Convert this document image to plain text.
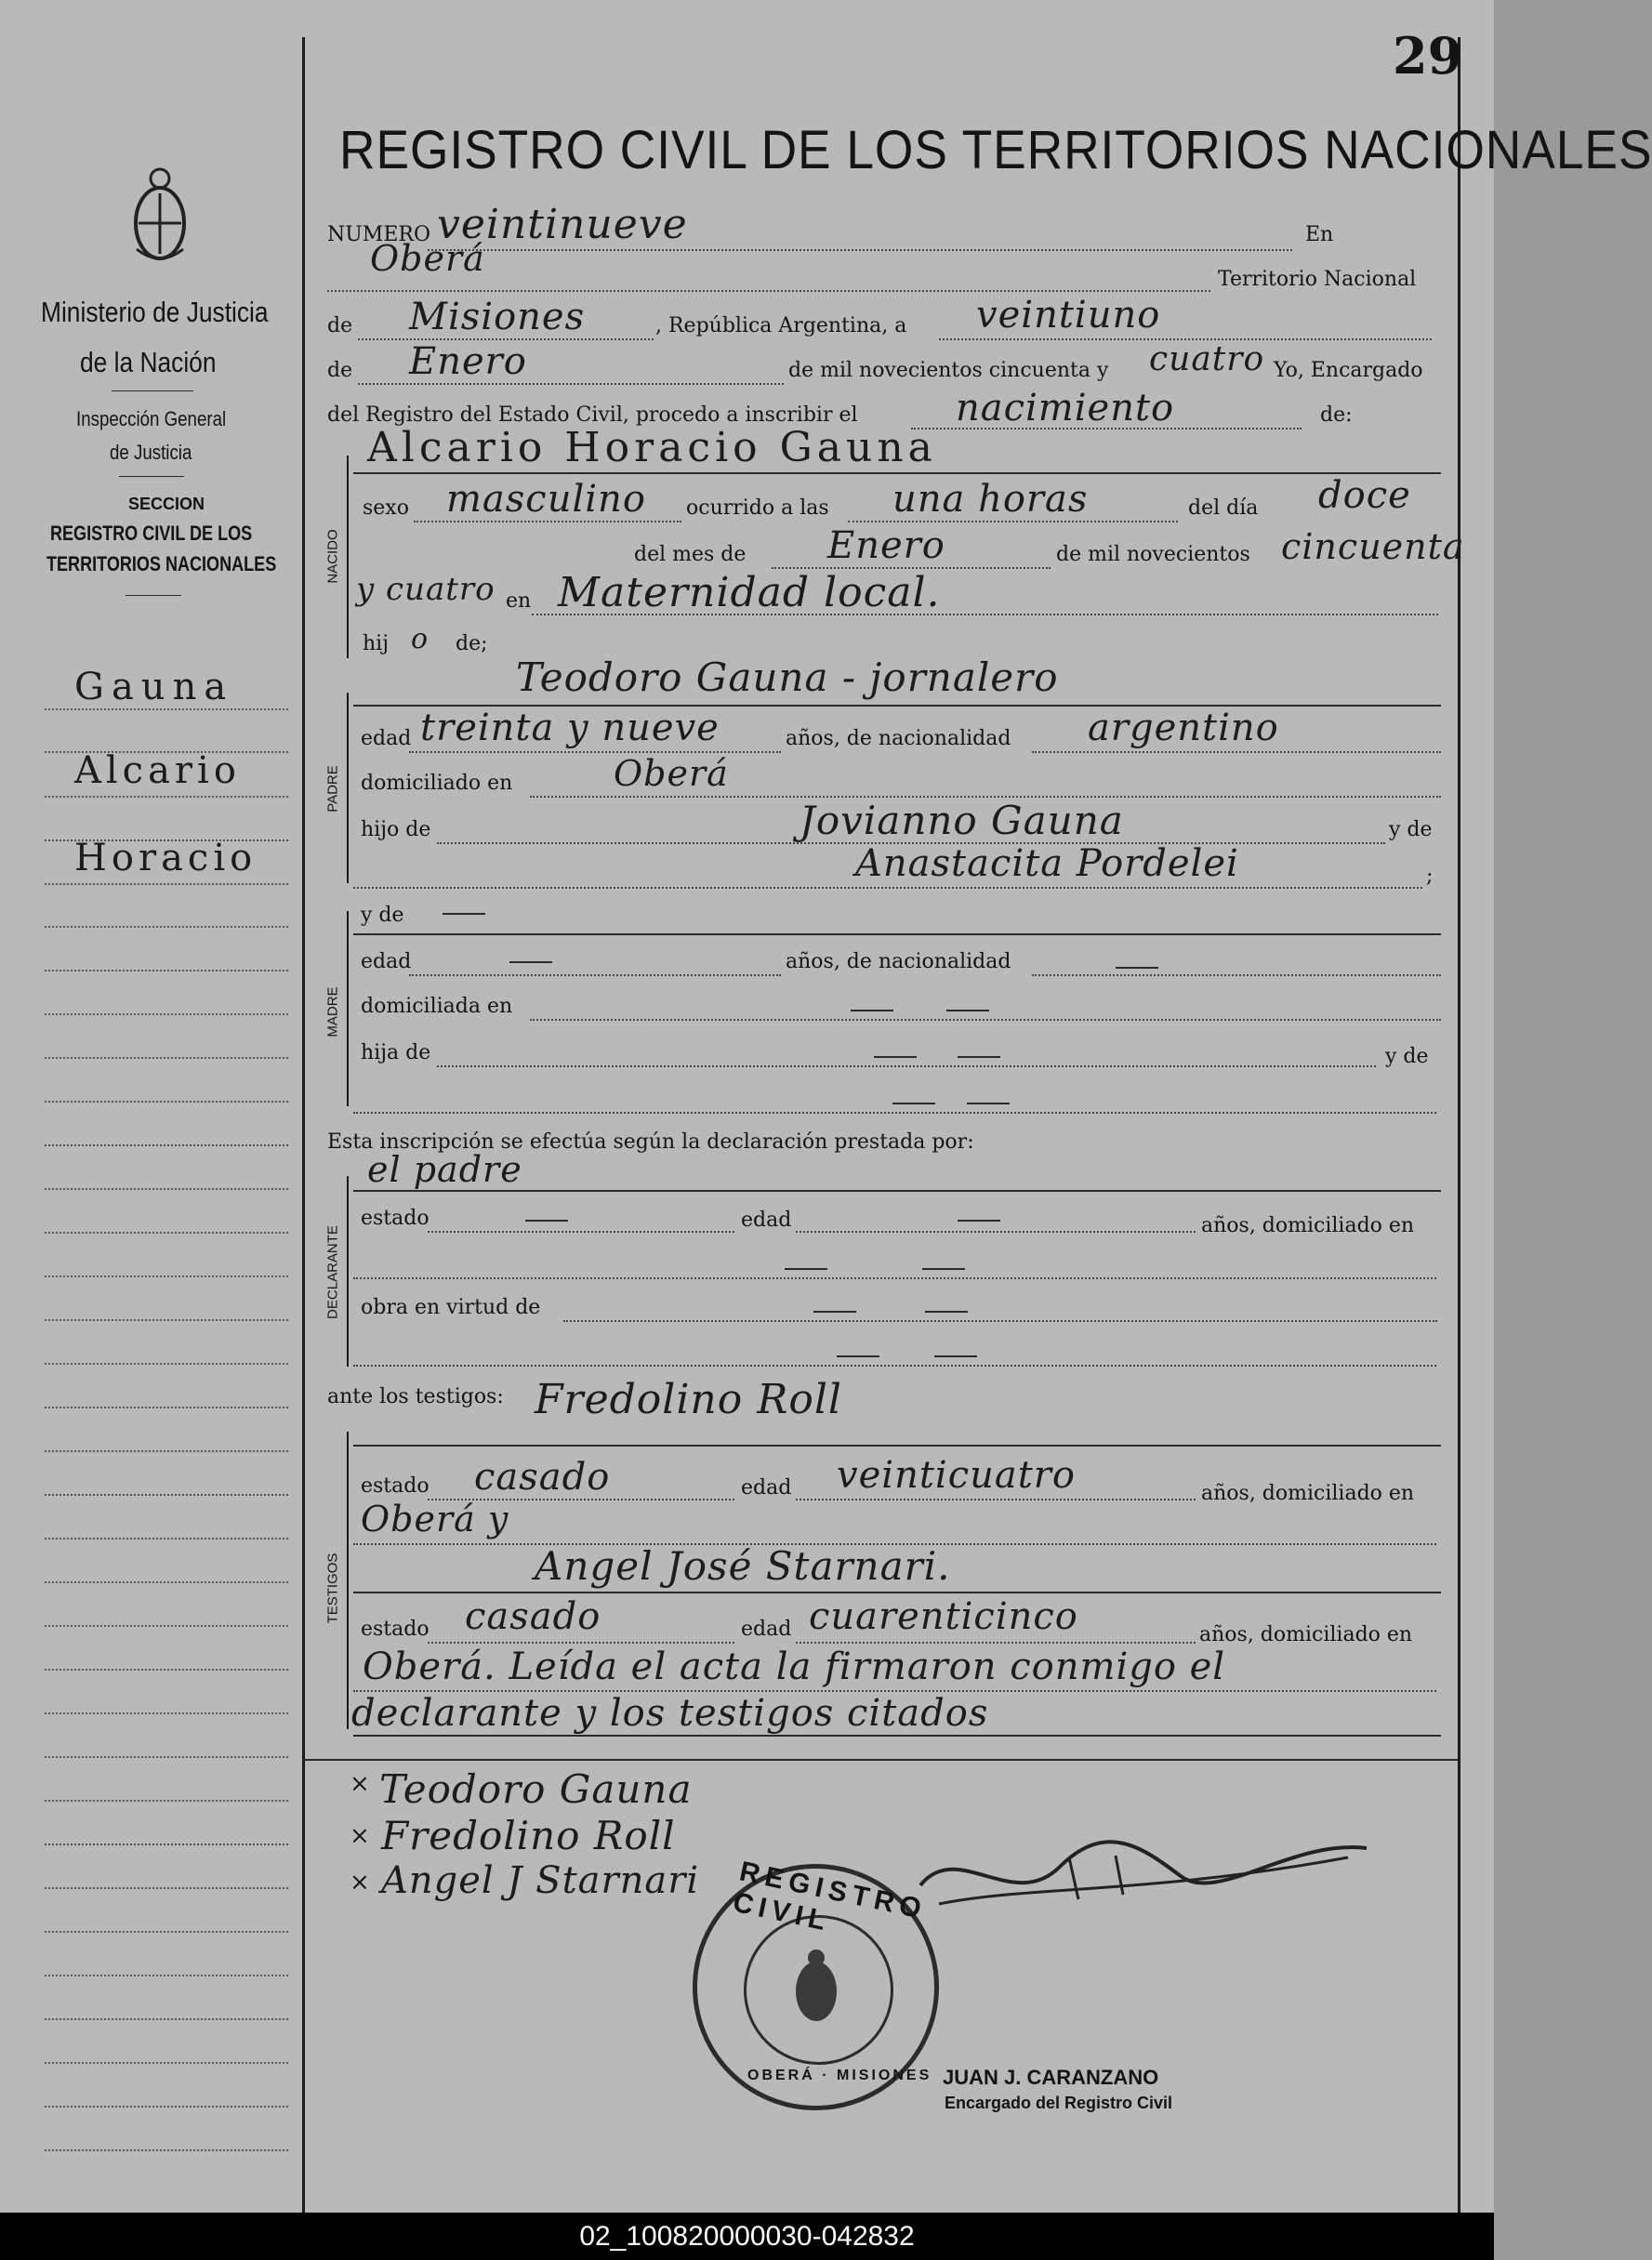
29
REGISTRO CIVIL DE LOS TERRITORIOS NACIONALES
Ministerio de Justicia
de la Nación
Inspección General
de Justicia
SECCION
REGISTRO CIVIL DE LOS
TERRITORIOS NACIONALES
Gauna
Alcario
Horacio
NUMERO veintinueve	En
Oberá
Territorio Nacional
de Misiones	, República Argentina, a veintiuno
de Enero	de mil novecientos cincuenta y cuatro Yo, Encargado
del Registro del Estado Civil, procedo a inscribir el	nacimiento	de:
NACIDO
Alcario Horacio Gauna
sexo masculino ocurrido a las una horas	del día doce
del mes de Enero	de mil novecientos cincuenta
y cuatro en Maternidad local.
hij o de;
PADRE
Teodoro Gauna - jornalero
edad treinta y nueve	años, de nacionalidad argentino
domiciliado en	Oberá
hijo de	Jovianno Gauna	y de
Anastacita Pordelei	;
MADRE
y de
edad	años, de nacionalidad
domiciliada en
hija de	y de
Esta inscripción se efectúa según la declaración prestada por:
DECLARANTE
el padre
estado	edad	años, domiciliado en
obra en virtud de
ante los testigos: Fredolino Roll
TESTIGOS
estado casado	edad veinticuatro	años, domiciliado en
Oberá y
Angel José Starnari.
estado casado	edad cuarenticinco	años, domiciliado en
Oberá. Leída el acta la firmaron conmigo el
declarante y los testigos citados
× Teodoro Gauna
× Fredolino Roll
× Angel J Starnari REGISTRO CIVIL
OBERÁ · MISIONES JUAN J. CARANZANO
Encargado del Registro Civil
02_100820000030-042832
